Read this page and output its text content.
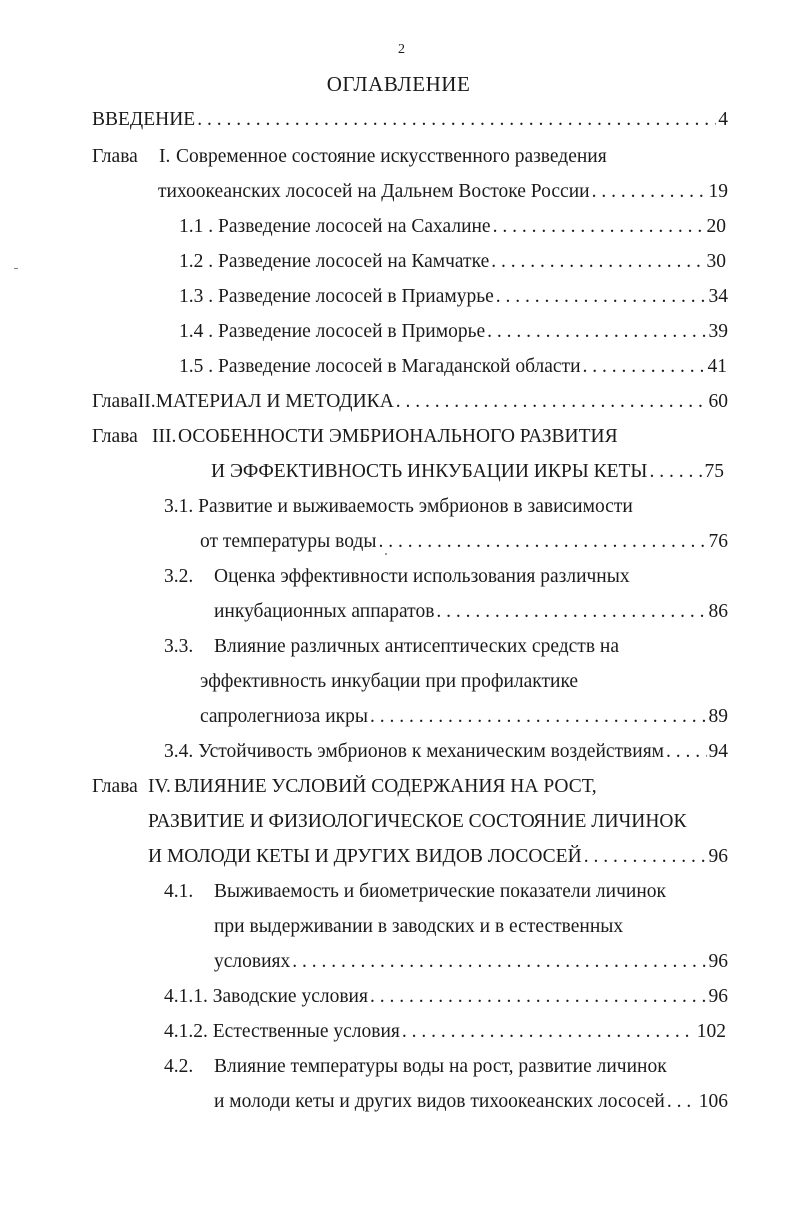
2
ОГЛАВЛЕНИЕ
ВВЕДЕНИЕ . . .	4
Глава	I. Современное состояние искусственного разведения
тихоокеанских лососей на Дальнем Востоке России . . .	19
1.1 . Разведение лососей на Сахалине . . .	20
1.2 . Разведение лососей на Камчатке . . .	30
1.3 . Разведение лососей в Приамурье . . .	34
1.4 . Разведение лососей в Приморье . . .	39
1.5 . Разведение лососей в Магаданской области . . .	41
Глава II. МАТЕРИАЛ И МЕТОДИКА . . .	60
Глава III. ОСОБЕННОСТИ ЭМБРИОНАЛЬНОГО РАЗВИТИЯ
И ЭФФЕКТИВНОСТЬ ИНКУБАЦИИ ИКРЫ КЕТЫ . . .	75
3.1. Развитие и выживаемость эмбрионов в зависимости
от температуры воды . . .	76
3.2.	Оценка эффективности использования различных
инкубационных аппаратов . . .	86
3.3.	Влияние различных антисептических средств на
эффективность инкубации при профилактике
сапролегниоза икры . . .	89
3.4. Устойчивость эмбрионов к механическим воздействиям . . . 94
Глава IV. ВЛИЯНИЕ УСЛОВИЙ СОДЕРЖАНИЯ НА РОСТ,
РАЗВИТИЕ И ФИЗИОЛОГИЧЕСКОЕ СОСТОЯНИЕ ЛИЧИНОК
И МОЛОДИ КЕТЫ И ДРУГИХ ВИДОВ ЛОСОСЕЙ . . .	96
4.1.	Выживаемость и биометрические показатели личинок
при выдерживании в заводских и в естественных
условиях . . .	96
4.1.1. Заводские условия . . .	96
4.1.2. Естественные условия . . .	102
4.2.	Влияние температуры воды на рост, развитие личинок
и молоди кеты и других видов тихоокеанских лососей . . . 106
